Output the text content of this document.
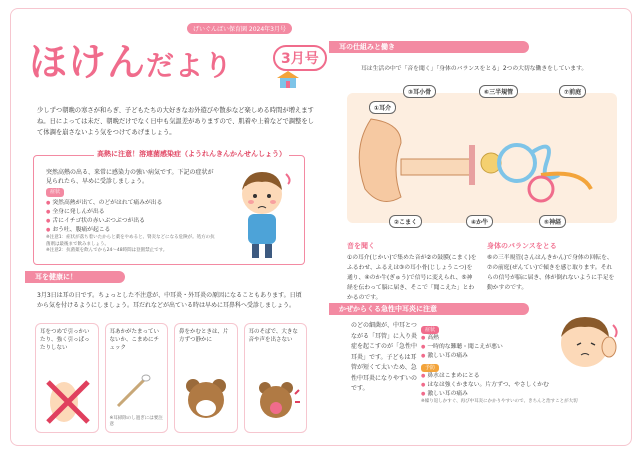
げいぐんばい保育園 2024年3月号
ほけんだより	3月号

少しずつ朝晩の寒さが和らぎ、子どもたちの大好きなお外遊びや散歩など楽しめる時間が増えますね。日によっては未だ、朝晩だけでなく日中も気温差がありますので、肌着や上着などで調整をして体調を崩さないよう気をつけてあげましょう。

高熱に注意！溶連菌感染症（ようれんきんかんせんしょう）

突然高熱の出る、来常に感染力の強い病気です。下記の症状が見られたら、早めに受診しましょう。

症状
● 突然高熱が出て、のどがはれて痛みが出る
● 全身に発しんが出る
● 舌にイチゴ状の赤いぶつぶつが出る
● おう吐、腹痛が起こる

※注意1：症状が落ち着いたからと薬をやめると、腎炎などになる危険が。処方の抗菌剤は最後まで飲みましょう。

※注意2：抗菌薬を飲んでから24～48時間は登園禁止です。

耳を健康に！

3月3日は耳の日です。ちょっとした不注意が、中耳炎・外耳炎の原因になることもあります。日頃から気を付けるようにしましょう。耳だれなどが出ている時は早めに耳鼻科へ受診しましょう。

耳をつめで引っかいたり、強く引っぱったりしない
耳あかがたまっていないか、こまめにチェック
※耳掃除のし過ぎには要注意
鼻をかむときは、片方ずつ静かに
耳のそばで、大きな音や声を出さない
耳の仕組みと働き

耳は生活の中で「音を聞く」「身体のバランスをとる」2つの大切な働きをしています。

①耳介
②こまく
③耳小骨
④か牛	⑤神経
⑥三半規管	⑦前庭
音を聞く

①の耳介(じかい)で集めた音が②の鼓膜(こまく)をふるわせ、ふるえは③の耳小骨(じしょうこつ)を通り、④のか牛(ぎゅう)で信号に変えられ、⑤神経を伝わって脳に届き、そこで「聞こえた」とわかるのです。

身体のバランスをとる

⑥の三半規管(さんはんきかん)で身体の回転を、⑦の前庭(ぜんてい)で傾きを感じ取ります。それらの信号が脳に届き、体が倒れないように手足を動かすのです。

かぜからくる急性中耳炎に注意

のどの細菌が、中耳とつながる「耳管」に入り炎症を起こすのが「急性中耳炎」です。子どもは耳管が短くて太いため、急性中耳炎になりやすいのです。

症状
● 高熱
● 一時的な難聴・聞こえが悪い
● 激しい耳の痛み
予防
● 鼻水はこまめにとる
● はなは強くかまない。片方ずつ、やさしくかむ
● 激しい耳の痛み

※繰り返しかすぐ、再び中耳炎にかかりやすいので、きちんと治すことが大切
